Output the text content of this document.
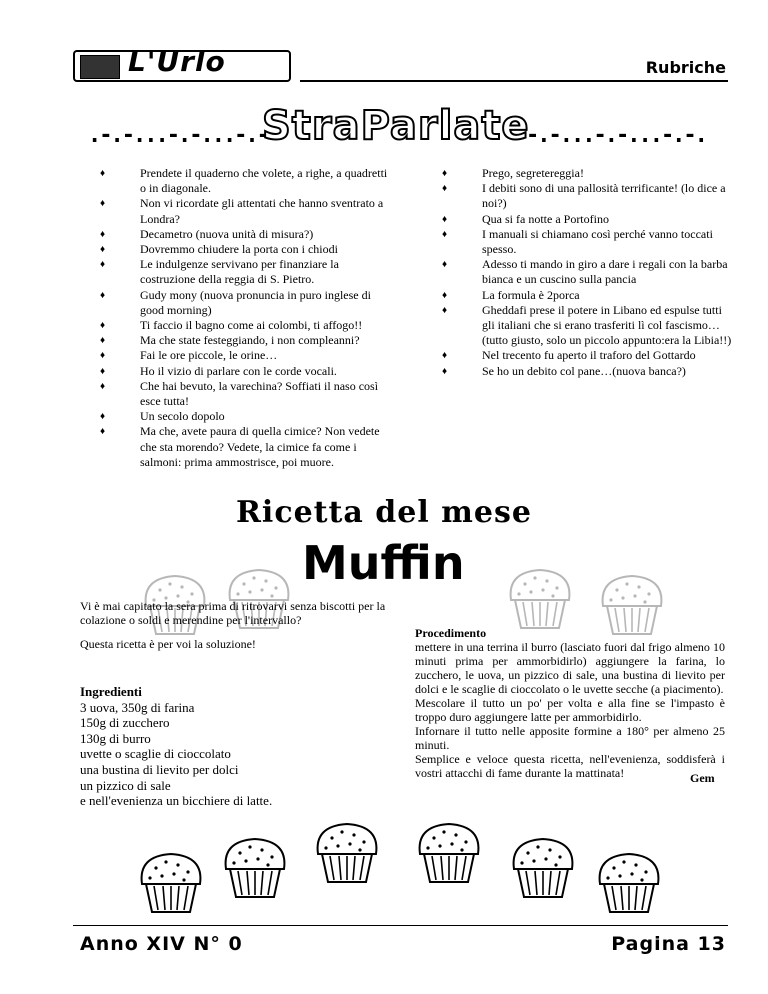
L'Urlo	Rubriche
.-.-...-.-...-.-
StraParlate
-.-...-.-...-.-.
♦	Prendete il quaderno che volete, a righe, a quadretti o in diagonale.
♦	Non vi ricordate gli attentati che hanno sventrato a Londra?
♦	Decametro (nuova unità di misura?)
♦	Dovremmo chiudere la porta con i chiodi
♦	Le indulgenze servivano per finanziare la costruzione della reggia di S. Pietro.
♦	Gudy mony (nuova pronuncia in puro inglese di good morning)
♦	Ti faccio il bagno come ai colombi, ti affogo!!
♦	Ma che state festeggiando, i non compleanni?
♦	Fai le ore piccole, le orine…
♦	Ho il vizio di parlare con le corde vocali.
♦	Che hai bevuto, la varechina? Soffiati il naso così esce tutta!
♦	Un secolo dopolo
♦	Ma che, avete paura di quella cimice? Non vedete che sta morendo? Vedete, la cimice fa come i salmoni: prima ammostrisce, poi muore.
♦	Prego, segretereggia!
♦	I debiti sono di una pallosità terrificante! (lo dice a noi?)
♦	Qua si fa notte a Portofino
♦	I manuali si chiamano così perché vanno toccati spesso.
♦	Adesso ti mando in giro a dare i regali con la barba bianca e un cuscino sulla pancia
♦	La formula è 2porca
♦	Gheddafi prese il potere in Libano ed espulse tutti gli italiani che si erano trasferiti lì col fascismo…(tutto giusto, solo un piccolo appunto:era la Libia!!)
♦	Nel trecento fu aperto il traforo del Gottardo
♦	Se ho un debito col pane…(nuova banca?)
Ricetta del mese
Muffin

Vi è mai capitato la sera prima di ritrovarvi senza biscotti per la colazione o soldi e merendine per l'intervallo?

Questa ricetta è per voi la soluzione!

Ingredienti
3 uova, 350g di farina
150g di zucchero
130g di burro
uvette o scaglie di cioccolato
una bustina di lievito per dolci
un pizzico di sale
e nell'evenienza un bicchiere di latte.
Procedimento
mettere in una terrina il burro (lasciato fuori dal frigo almeno 10 minuti prima per ammorbidirlo) aggiungere la farina, lo zucchero, le uova, un pizzico di sale, una bustina di lievito per dolci e le scaglie di cioccolato o le uvette secche (a piacimento).
Mescolare il tutto un po' per volta e alla fine se l'impasto è troppo duro aggiungere latte per ammorbidirlo.
Infornare il tutto nelle apposite formine a 180° per almeno 25 minuti.
Semplice e veloce questa ricetta, nell'evenienza, soddisferà i vostri attacchi di fame durante la mattinata!	Gem
Anno XIV N° 0	Pagina 13
